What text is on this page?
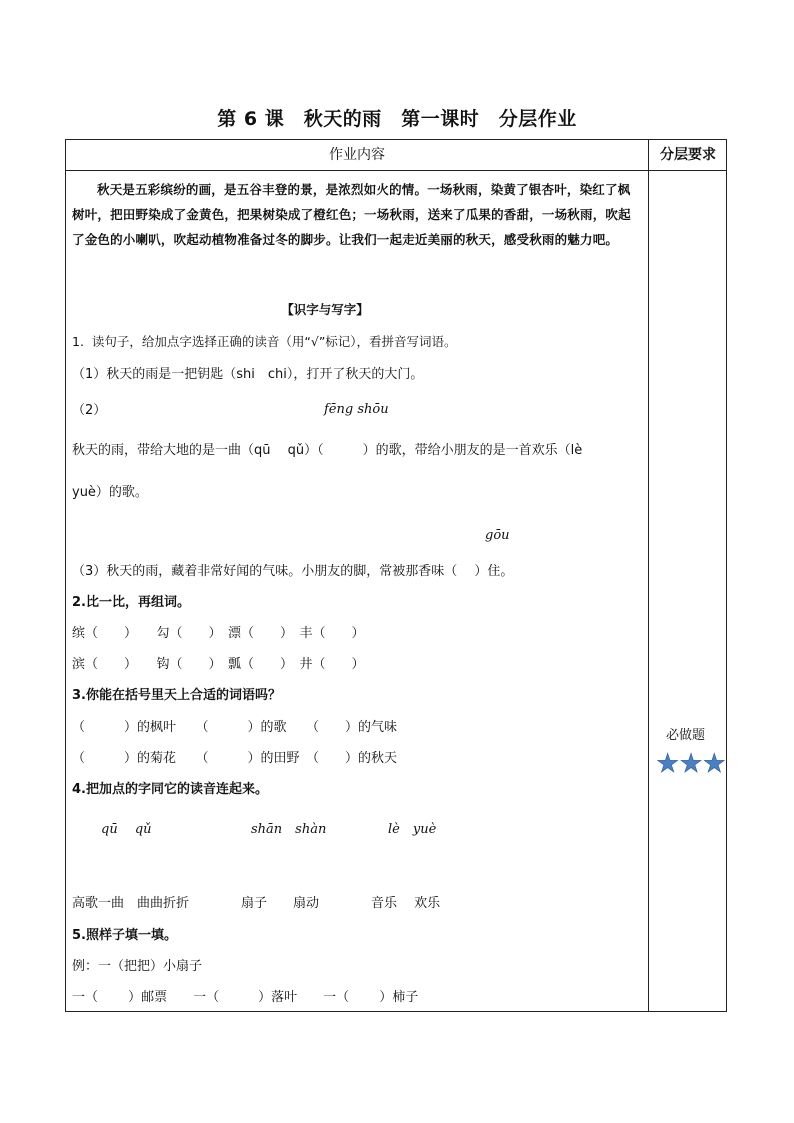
第 6 课　秋天的雨　第一课时　分层作业
作业内容	分层要求
秋天是五彩缤纷的画，是五谷丰登的景，是浓烈如火的情。一场秋雨，染黄了银杏叶，染红了枫树叶，把田野染成了金黄色，把果树染成了橙红色；一场秋雨，送来了瓜果的香甜，一场秋雨，吹起了金色的小喇叭，吹起动植物准备过冬的脚步。让我们一起走近美丽的秋天，感受秋雨的魅力吧。
【识字与写字】
1.  读句子，给加点字选择正确的读音（用“√”标记），看拼音写词语。
（1）秋天的雨是一把钥匙（shi　chi），打开了秋天的大门。
（2）	fēng shōu
秋天的雨，带给大地的是一曲（qū　 qǔ）（　　　）的歌，带给小朋友的是一首欢乐（lè
yuè）的歌。
gōu
（3）秋天的雨，藏着非常好闻的气味。小朋友的脚，常被那香味（　 ）住。
2.比一比，再组词。
缤（　　）　　勾（　　）　漂（　　）　丰（　　）
滨（　　）　　钩（　　）　瓢（　　）　井（　　）
3.你能在括号里天上合适的词语吗？
（　　　）的枫叶　　（　　　）的歌　　（　　）的气味
（　　　）的菊花　　（　　　）的田野　（　　）的秋天
4.把加点的字同它的读音连起来。
qū　 qǔ	shān　shàn	lè　yuè
高歌一曲　曲曲折折　　　　扇子　　扇动　　　　音乐　 欢乐
5.照样子填一填。
例：一（把把）小扇子
一（　　 ）邮票　　一（　　　）落叶　　一（　　 ）柿子
必做题
★ ★ ★
